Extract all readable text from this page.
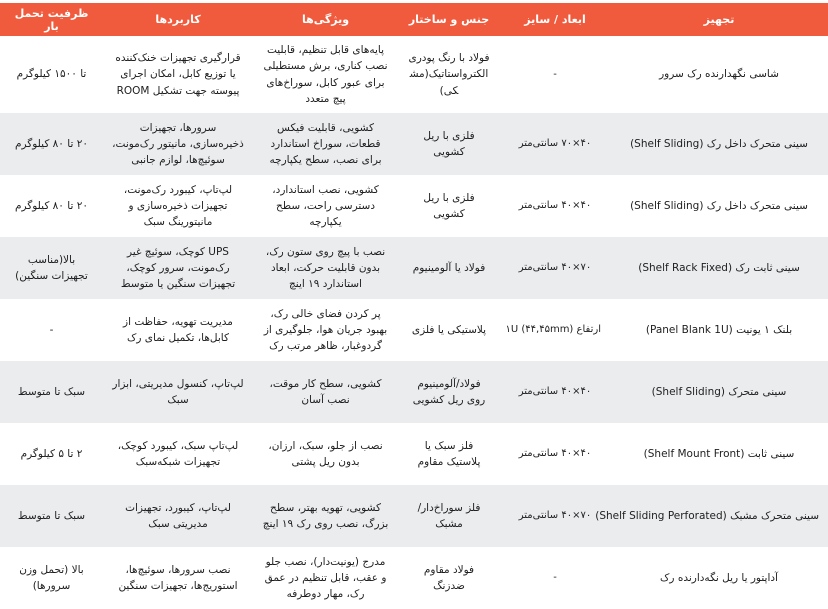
تجهیز	ابعاد / سایز	جنس و ساختار	ویژگی‌ها	کاربردها	ظرفیت تحمل بار
شاسی نگهدارنده رک سرور	-	فولاد با رنگ پودری الکترواستاتیک(مشکی)	پایه‌های قابل تنظیم، قابلیت نصب کناری، برش مستطیلی برای عبور کابل، سوراخ‌های پیچ متعدد	قرارگیری تجهیزات خنک‌کننده یا توزیع کابل، امکان اجرای پیوسته جهت تشکیل ROOM	تا ۱۵۰۰ کیلوگرم
سینی متحرک داخل رک (Shelf Sliding)	۴۰×۷۰ سانتی‌متر	فلزی با ریل کشویی	کشویی، قابلیت فیکس قطعات، سوراخ استاندارد برای نصب، سطح یکپارچه	سرورها، تجهیزات ذخیره‌سازی، مانیتور رک‌مونت، سوئیچ‌ها، لوازم جانبی	۲۰ تا ۸۰ کیلوگرم
سینی متحرک داخل رک (Shelf Sliding)	۴۰×۴۰ سانتی‌متر	فلزی با ریل کشویی	کشویی، نصب استاندارد، دسترسی راحت، سطح یکپارچه	لپ‌تاپ، کیبورد رک‌مونت، تجهیزات ذخیره‌سازی و مانیتورینگ سبک	۲۰ تا ۸۰ کیلوگرم
سینی ثابت رک (Shelf Rack Fixed)	۷۰×۴۰ سانتی‌متر	فولاد یا آلومینیوم	نصب با پیچ روی ستون رک، بدون قابلیت حرکت، ابعاد استاندارد ۱۹ اینچ	UPS کوچک، سوئیچ غیر رک‌مونت، سرور کوچک، تجهیزات سنگین یا متوسط	بالا(مناسب تجهیزات سنگین)
بلنک ۱ یونیت (Panel Blank 1U)	ارتفاع ۱U (۴۴,۴۵mm)	پلاستیکی یا فلزی	پر کردن فضای خالی رک، بهبود جریان هوا، جلوگیری از گردوغبار، ظاهر مرتب رک	مدیریت تهویه، حفاظت از کابل‌ها، تکمیل نمای رک	-
سینی متحرک (Shelf Sliding)	۴۰×۴۰ سانتی‌متر	فولاد/آلومینیوم روی ریل کشویی	کشویی، سطح کار موقت، نصب آسان	لپ‌تاپ، کنسول مدیریتی، ابزار سبک	سبک تا متوسط
سینی ثابت (Shelf Mount Front)	۴۰×۴۰ سانتی‌متر	فلز سبک یا پلاستیک مقاوم	نصب از جلو، سبک، ارزان، بدون ریل پشتی	لپ‌تاپ سبک، کیبورد کوچک، تجهیزات شبکه‌سبک	۲ تا ۵ کیلوگرم
سینی متحرک مشبک (Shelf Sliding Perforated)	۷۰×۴۰ سانتی‌متر	فلز سوراخ‌دار/مشبک	کشویی، تهویه بهتر، سطح بزرگ، نصب روی رک ۱۹ اینچ	لپ‌تاپ، کیبورد، تجهیزات مدیریتی سبک	سبک تا متوسط
آداپتور یا ریل نگه‌دارنده رک	-	فولاد مقاوم ضدزنگ	مدرج (یونیت‌دار)، نصب جلو و عقب، قابل تنظیم در عمق رک، مهار دوطرفه	نصب سرورها، سوئیچ‌ها، استوریج‌ها، تجهیزات سنگین	بالا (تحمل وزن سرورها)
